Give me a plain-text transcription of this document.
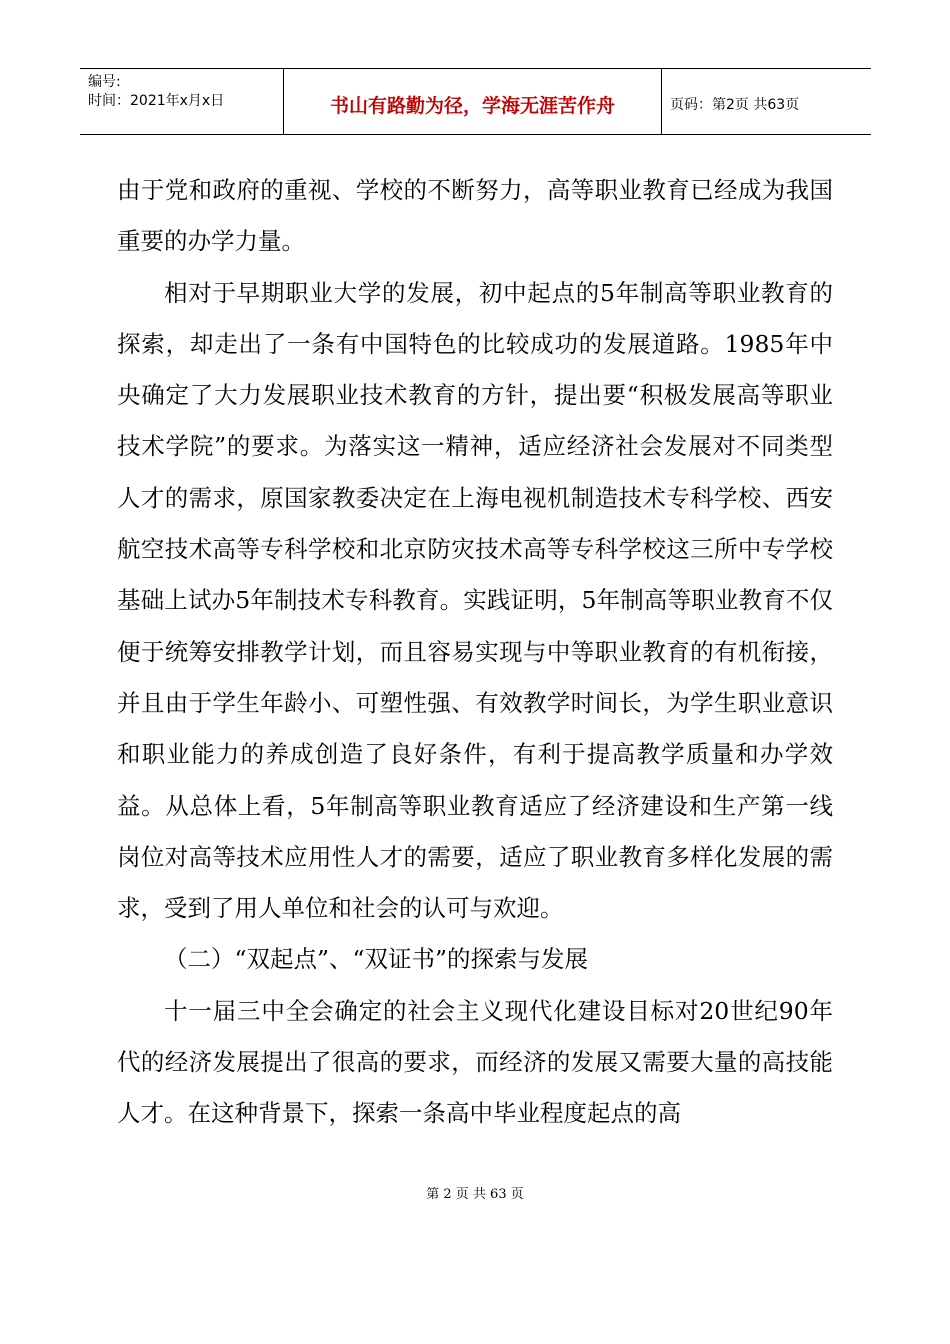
编号:
时间：2021年x月x日	书山有路勤为径，学海无涯苦作舟	页码：第2页 共63页

由于党和政府的重视、学校的不断努力，高等职业教育已经成为我国重要的办学力量。

相对于早期职业大学的发展，初中起点的5年制高等职业教育的探索，却走出了一条有中国特色的比较成功的发展道路。1985年中央确定了大力发展职业技术教育的方针，提出要“积极发展高等职业技术学院”的要求。为落实这一精神，适应经济社会发展对不同类型人才的需求，原国家教委决定在上海电视机制造技术专科学校、西安航空技术高等专科学校和北京防灾技术高等专科学校这三所中专学校基础上试办5年制技术专科教育。实践证明，5年制高等职业教育不仅便于统筹安排教学计划，而且容易实现与中等职业教育的有机衔接，并且由于学生年龄小、可塑性强、有效教学时间长，为学生职业意识和职业能力的养成创造了良好条件，有利于提高教学质量和办学效益。从总体上看，5年制高等职业教育适应了经济建设和生产第一线岗位对高等技术应用性人才的需要，适应了职业教育多样化发展的需求，受到了用人单位和社会的认可与欢迎。

（二）“双起点”、“双证书”的探索与发展

十一届三中全会确定的社会主义现代化建设目标对20世纪90年代的经济发展提出了很高的要求，而经济的发展又需要大量的高技能人才。在这种背景下，探索一条高中毕业程度起点的高

第 2 页 共 63 页
